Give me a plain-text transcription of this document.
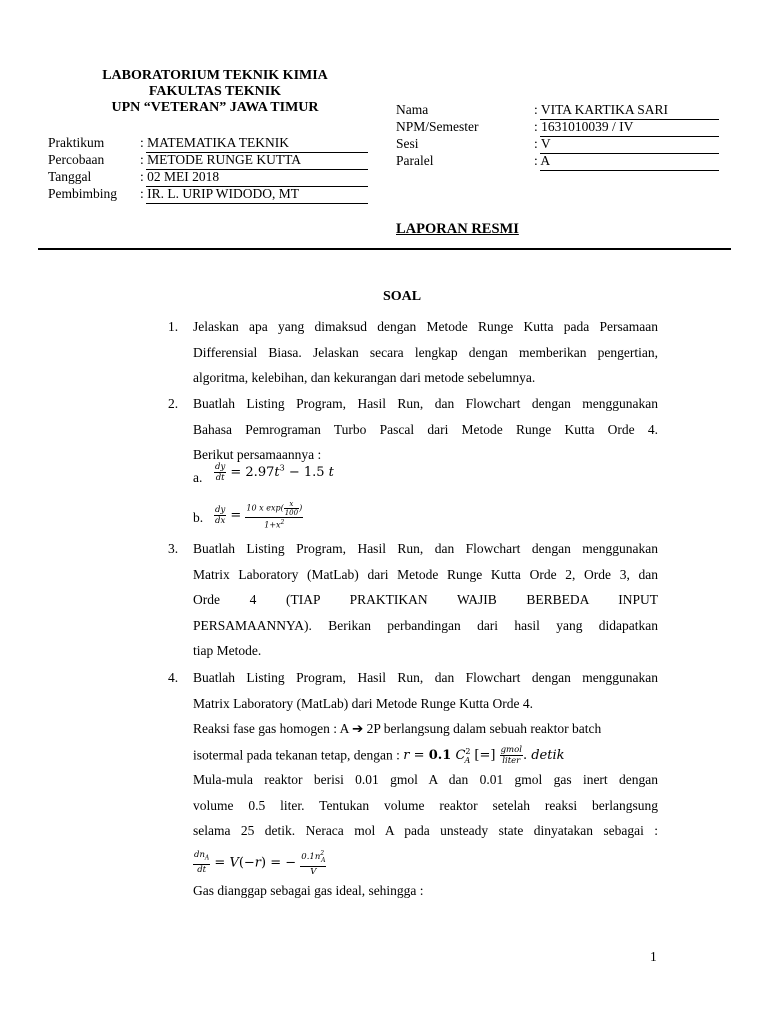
LABORATORIUM TEKNIK KIMIA
FAKULTAS TEKNIK
UPN “VETERAN” JAWA TIMUR
Praktikum	: MATEMATIKA TEKNIK
Percobaan	: METODE RUNGE KUTTA
Tanggal	: 02 MEI 2018
Pembimbing : IR. L. URIP WIDODO, MT
Nama	: VITA KARTIKA SARI
NPM/Semester	: 1631010039 / IV
Sesi	: V
Paralel	: A
LAPORAN RESMI
SOAL
1.	Jelaskan apa yang dimaksud dengan Metode Runge Kutta pada Persamaan
Differensial Biasa. Jelaskan secara lengkap dengan memberikan pengertian,
algoritma, kelebihan, dan kekurangan dari metode sebelumnya.
2.	Buatlah Listing Program, Hasil Run, dan Flowchart dengan menggunakan
Bahasa Pemrograman Turbo Pascal dari Metode Runge Kutta Orde 4.
Berikut persamaannya :
a. $\frac{dy}{dt} = 2.97t^3 - 1.5$ t
b. $\frac{dy}{dx} = \frac{10 x \exp( \frac{x}{100} )}{1+x^2}$
3.	Buatlah Listing Program, Hasil Run, dan Flowchart dengan menggunakan
Matrix Laboratory (MatLab) dari Metode Runge Kutta Orde 2, Orde 3, dan
Orde 4 (TIAP PRAKTIKAN WAJIB BERBEDA INPUT
PERSAMAANNYA). Berikan perbandingan dari hasil yang didapatkan
tiap Metode.
4.	Buatlah Listing Program, Hasil Run, dan Flowchart dengan menggunakan
Matrix Laboratory (MatLab) dari Metode Runge Kutta Orde 4.
Reaksi fase gas homogen : A ➔ 2P berlangsung dalam sebuah reaktor batch
isotermal pada tekanan tetap, dengan : r = 0.1 $C^2_A$ [=] $\frac{\text{gmol}}{\text{liter}}$ . detik
Mula-mula reaktor berisi 0.01 gmol A dan 0.01 gmol gas inert dengan
volume 0.5 liter. Tentukan volume reaktor setelah reaksi berlangsung
selama 25 detik. Neraca mol A pada unsteady state dinyatakan sebagai :
$\frac{dn_A}{dt} = V(-r)$ = − $\frac{0.1n^2_A}{V}$
Gas dianggap sebagai gas ideal, sehingga :
1
